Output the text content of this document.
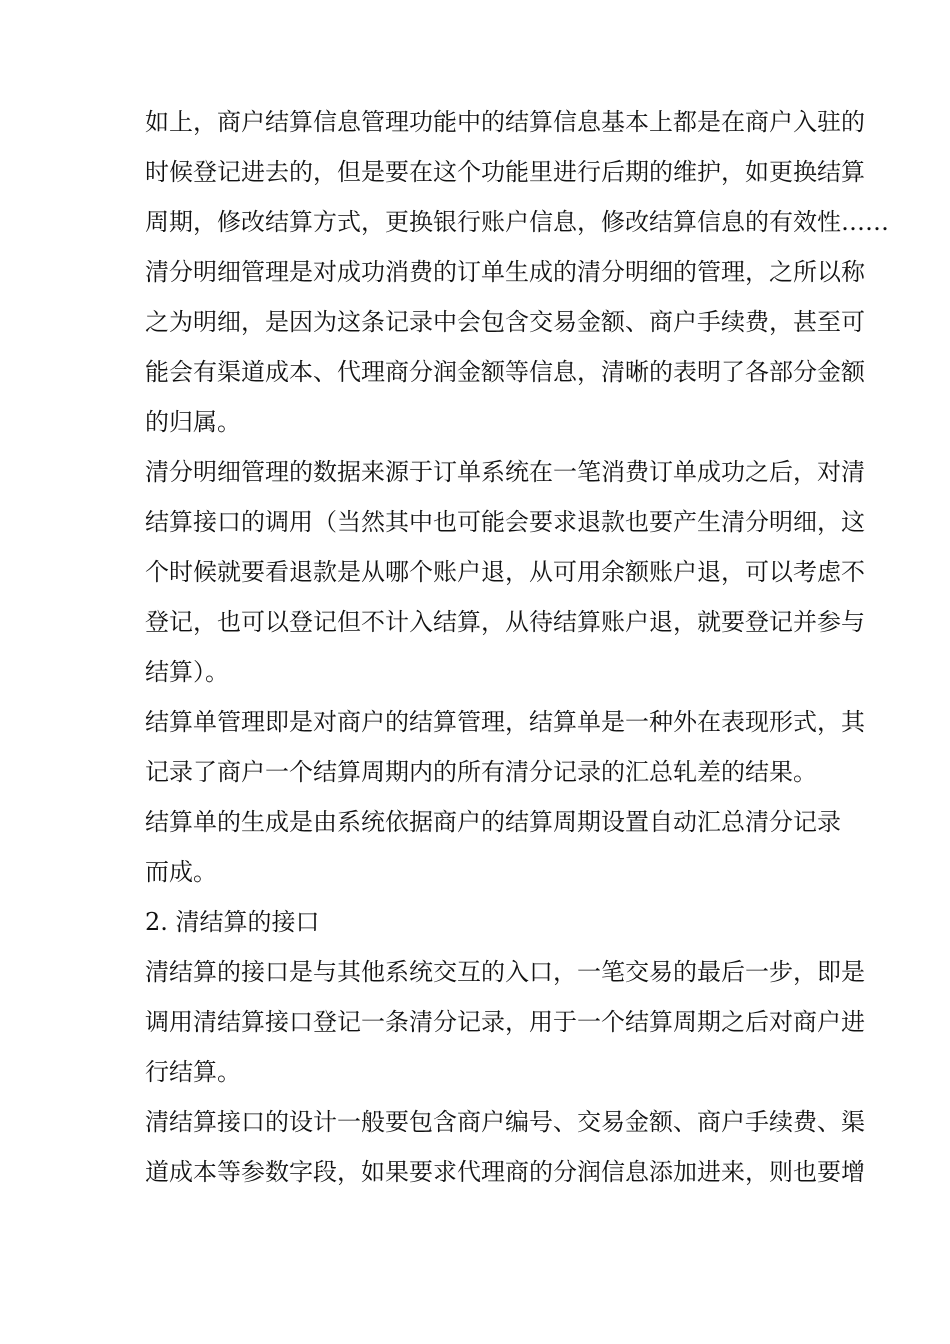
如上，商户结算信息管理功能中的结算信息基本上都是在商户入驻的

时候登记进去的，但是要在这个功能里进行后期的维护，如更换结算

周期，修改结算方式，更换银行账户信息，修改结算信息的有效性……

清分明细管理是对成功消费的订单生成的清分明细的管理，之所以称

之为明细，是因为这条记录中会包含交易金额、商户手续费，甚至可

能会有渠道成本、代理商分润金额等信息，清晰的表明了各部分金额

的归属。

清分明细管理的数据来源于订单系统在一笔消费订单成功之后，对清

结算接口的调用（当然其中也可能会要求退款也要产生清分明细，这

个时候就要看退款是从哪个账户退，从可用余额账户退，可以考虑不

登记，也可以登记但不计入结算，从待结算账户退，就要登记并参与

结算）。

结算单管理即是对商户的结算管理，结算单是一种外在表现形式，其

记录了商户一个结算周期内的所有清分记录的汇总轧差的结果。

结算单的生成是由系统依据商户的结算周期设置自动汇总清分记录

而成。

2. 清结算的接口

清结算的接口是与其他系统交互的入口，一笔交易的最后一步，即是

调用清结算接口登记一条清分记录，用于一个结算周期之后对商户进

行结算。

清结算接口的设计一般要包含商户编号、交易金额、商户手续费、渠

道成本等参数字段，如果要求代理商的分润信息添加进来，则也要增
